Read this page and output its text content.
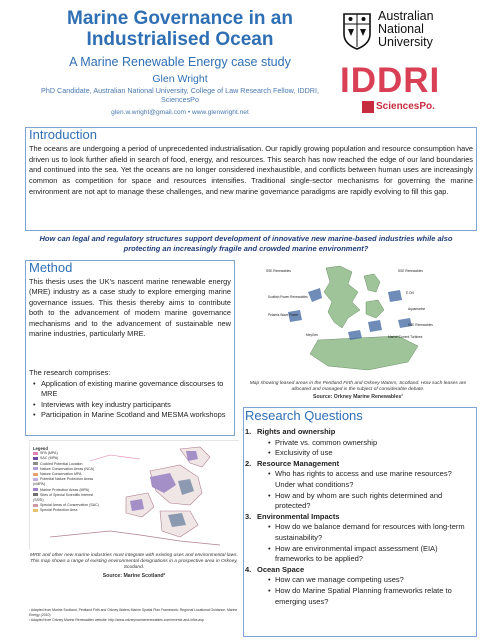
Marine Governance in an Industrialised Ocean
A Marine Renewable Energy case study
Glen Wright
PhD Candidate, Australian National University, College of Law Research Fellow, IDDRI, SciencesPo
glen.w.wright@gmail.com • www.glenwright.net
Australian
National
University
IDDRI
SciencesPo.
Introduction
The oceans are undergoing a period of unprecedented industrialisation. Our rapidly growing population and resource consumption have driven us to look further afield in search of food, energy, and resources. This search has now reached the edge of our land boundaries and continued into the sea. Yet the oceans are no longer considered inexhaustible, and conflicts between human uses are increasingly common as competition for space and resources intensifies. Traditional single-sector mechanisms for governing the marine environment are not apt to manage these challenges, and new marine governance paradigms are rapidly evolving to fill this gap.
How can legal and regulatory structures support development of innovative new marine-based industries while also protecting an increasingly fragile and crowded marine environment?
Method
This thesis uses the UK's nascent marine renewable energy (MRE) industry as a case study to explore emerging marine governance issues. This thesis thereby aims to contribute both to the advancement of modern marine governance mechanisms and to the advancement of sustainable new marine industries, particularly MRE.
The research comprises:
• Application of existing marine governance discourses to MRE
• Interviews with key industry participants
• Participation in Marine Scotland and MESMA workshops
SSE Renewables	SSE Renewables
Scottish Power Renewables
Pelamis Wave Power
E.ON
Aquamarine
SSE Renewables
MeyGen	Marine Current Turbines
Map showing leased areas in the Pentland Firth and Orkney Waters, Scotland. How such leases are allocated and managed is the subject of considerable debate.
Source: Orkney Marine Renewables¹
Research Questions
1. Rights and ownership
• Private vs. common ownership
• Exclusivity of use
2. Resource Management
• Who has rights to access and use marine resources? Under what conditions?
• How and by whom are such rights determined and protected?
3. Environmental Impacts
• How do we balance demand for resources with long-term sustainability?
• How are environmental impact assessment (EIA) frameworks to be applied?
4. Ocean Space
• How can we manage competing uses?
• How do Marine Spatial Planning frameworks relate to emerging uses?
Legend
SPA (MPA)
SAC (MPA)
Cockled Potential Location
Nature Conservation Areas (NCA)
Nature Conservation MPA
Potential Nature Protection Areas (nMPA)
Marine Protection Areas (MPA)
Sites of Special Scientific Interest (SSSI)
Special Areas of Conservation (SAC)
Special Protection Area
MRE and other new marine industries must integrate with existing uses and environmental laws. This map shows a range of existing environmental designations in a prospective area in Orkney, Scotland.
Source: Marine Scotland²
¹ Adapted from Marine Scotland, Pentland Firth and Orkney Waters Marine Spatial Plan Framework: Regional Locational Guidance, Marine Energy (2010)
² Adapted from Orkney Marine Renewables website: http://www.orkneymarinerenewables.com/reverse-and-infos.asp
